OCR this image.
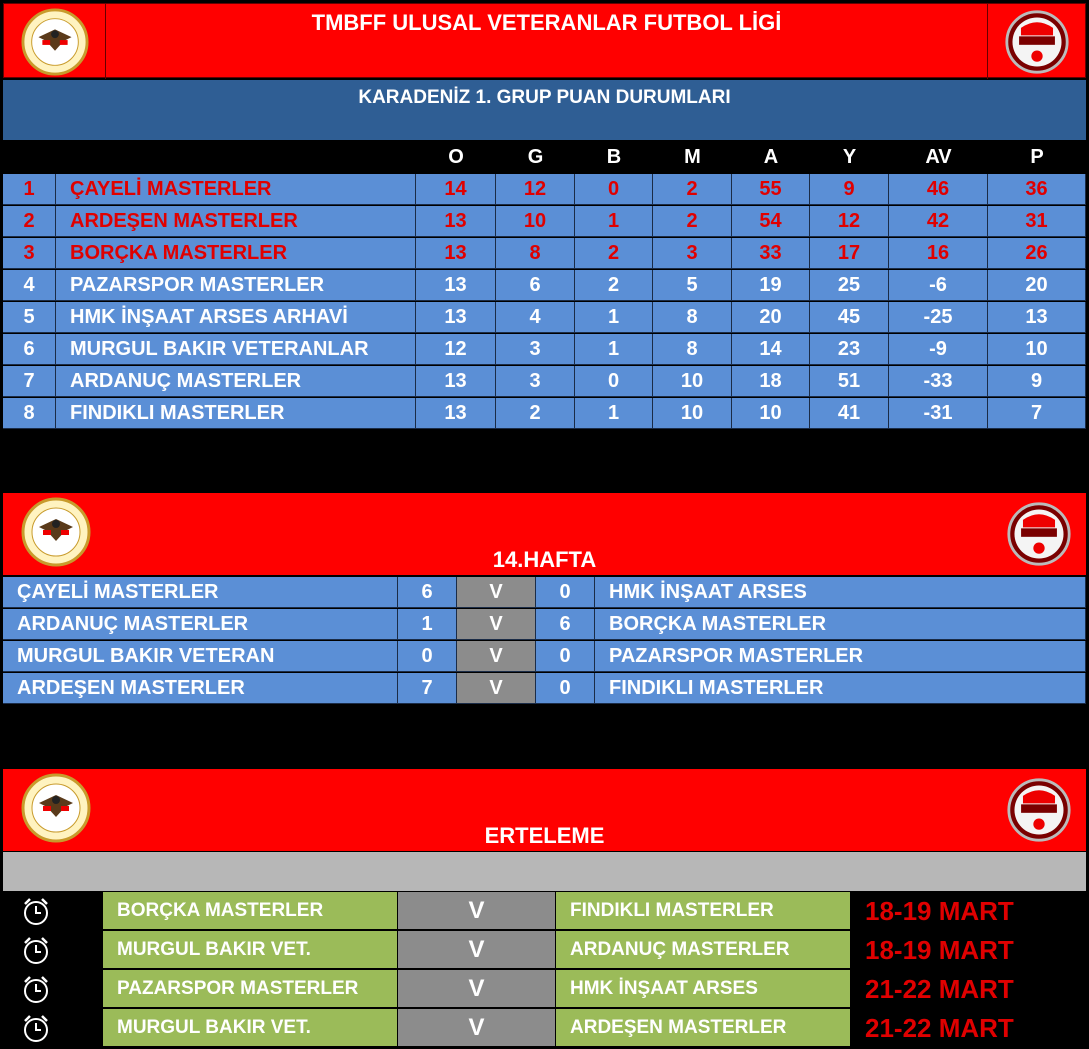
TMBFF ULUSAL VETERANLAR FUTBOL LİGİ
KARADENİZ 1. GRUP PUAN DURUMLARI
O	G	B	M	A	Y	AV	P
1	ÇAYELİ MASTERLER	14	12	0	2	55	9	46	36
2	ARDEŞEN MASTERLER	13	10	1	2	54	12	42	31
3	BORÇKA MASTERLER	13	8	2	3	33	17	16	26
4	PAZARSPOR MASTERLER	13	6	2	5	19	25	-6	20
5	HMK İNŞAAT ARSES ARHAVİ	13	4	1	8	20	45	-25	13
6	MURGUL BAKIR VETERANLAR	12	3	1	8	14	23	-9	10
7	ARDANUÇ MASTERLER	13	3	0	10	18	51	-33	9
8	FINDIKLI MASTERLER	13	2	1	10	10	41	-31	7
14.HAFTA
ÇAYELİ MASTERLER	6	V	0	HMK İNŞAAT ARSES
ARDANUÇ MASTERLER	1	V	6	BORÇKA MASTERLER
MURGUL BAKIR VETERAN	0	V	0	PAZARSPOR MASTERLER
ARDEŞEN MASTERLER	7	V	0	FINDIKLI MASTERLER
ERTELEME
BORÇKA MASTERLER	V	FINDIKLI MASTERLER	18-19 MART
MURGUL BAKIR VET.	V	ARDANUÇ MASTERLER	18-19 MART
PAZARSPOR MASTERLER	V	HMK İNŞAAT ARSES	21-22 MART
MURGUL BAKIR VET.	V	ARDEŞEN MASTERLER	21-22 MART
